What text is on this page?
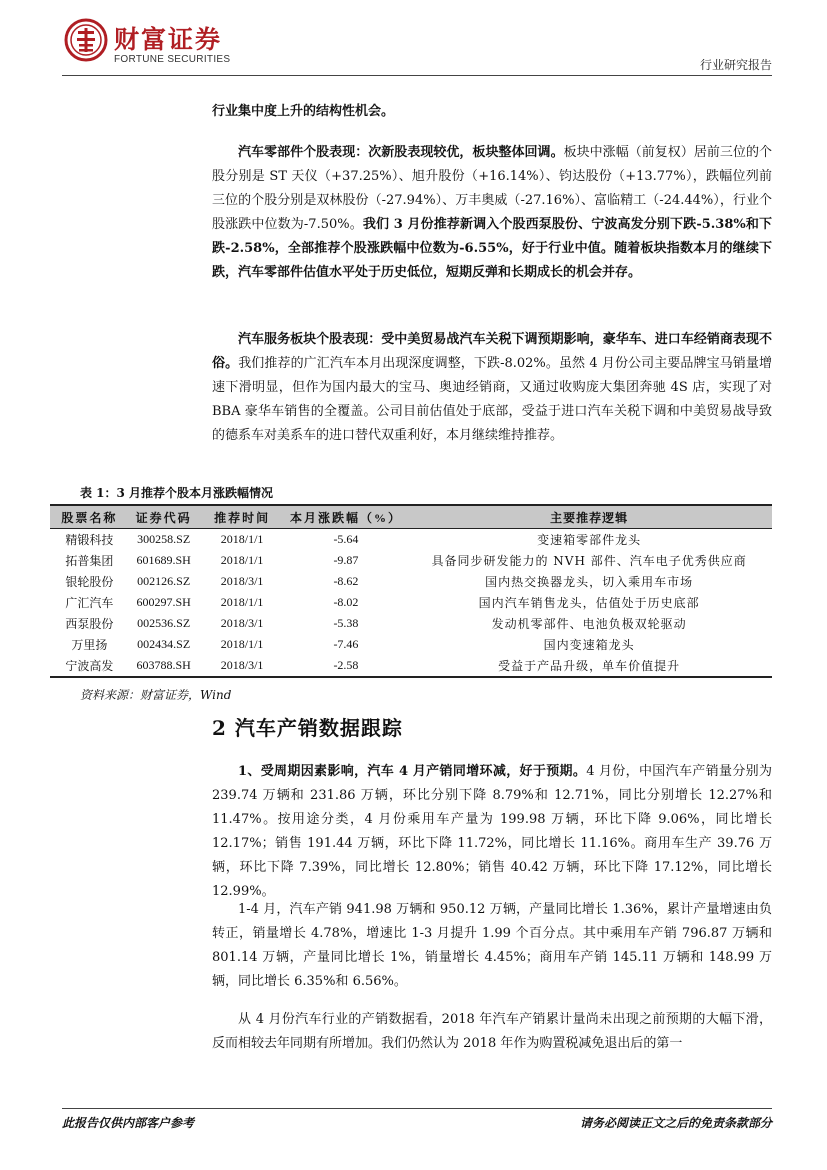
财富证券
FORTUNE SECURITIES	行业研究报告

行业集中度上升的结构性机会。

汽车零部件个股表现：次新股表现较优，板块整体回调。板块中涨幅（前复权）居前三位的个股分别是 ST 天仪（+37.25%）、旭升股份（+16.14%）、钧达股份（+13.77%），跌幅位列前三位的个股分别是双林股份（-27.94%）、万丰奥威（-27.16%）、富临精工（-24.44%），行业个股涨跌中位数为-7.50%。我们 3 月份推荐新调入个股西泵股份、宁波高发分别下跌-5.38%和下跌-2.58%，全部推荐个股涨跌幅中位数为-6.55%，好于行业中值。随着板块指数本月的继续下跌，汽车零部件估值水平处于历史低位，短期反弹和长期成长的机会并存。

汽车服务板块个股表现：受中美贸易战汽车关税下调预期影响，豪华车、进口车经销商表现不俗。我们推荐的广汇汽车本月出现深度调整，下跌-8.02%。虽然 4 月份公司主要品牌宝马销量增速下滑明显，但作为国内最大的宝马、奥迪经销商，又通过收购庞大集团奔驰 4S 店，实现了对 BBA 豪华车销售的全覆盖。公司目前估值处于底部，受益于进口汽车关税下调和中美贸易战导致的德系车对美系车的进口替代双重利好，本月继续维持推荐。

表 1：3 月推荐个股本月涨跌幅情况
股票名称	证券代码	推荐时间	本月涨跌幅（%）	主要推荐逻辑
精锻科技	300258.SZ	2018/1/1	-5.64	变速箱零部件龙头
拓普集团	601689.SH	2018/1/1	-9.87	具备同步研发能力的 NVH 部件、汽车电子优秀供应商
银轮股份	002126.SZ	2018/3/1	-8.62	国内热交换器龙头，切入乘用车市场
广汇汽车	600297.SH	2018/1/1	-8.02	国内汽车销售龙头，估值处于历史底部
西泵股份	002536.SZ	2018/3/1	-5.38	发动机零部件、电池负极双轮驱动
万里扬	002434.SZ	2018/1/1	-7.46	国内变速箱龙头
宁波高发	603788.SH	2018/3/1	-2.58	受益于产品升级，单车价值提升
资料来源：财富证券，Wind
2 汽车产销数据跟踪

1、受周期因素影响，汽车 4 月产销同增环减，好于预期。4 月份，中国汽车产销量分别为 239.74 万辆和 231.86 万辆，环比分别下降 8.79%和 12.71%，同比分别增长 12.27%和 11.47%。按用途分类，4 月份乘用车产量为 199.98 万辆，环比下降 9.06%，同比增长 12.17%；销售 191.44 万辆，环比下降 11.72%，同比增长 11.16%。商用车生产 39.76 万辆，环比下降 7.39%，同比增长 12.80%；销售 40.42 万辆，环比下降 17.12%，同比增长 12.99%。

1-4 月，汽车产销 941.98 万辆和 950.12 万辆，产量同比增长 1.36%，累计产量增速由负转正，销量增长 4.78%，增速比 1-3 月提升 1.99 个百分点。其中乘用车产销 796.87 万辆和 801.14 万辆，产量同比增长 1%，销量增长 4.45%；商用车产销 145.11 万辆和 148.99 万辆，同比增长 6.35%和 6.56%。

从 4 月份汽车行业的产销数据看，2018 年汽车产销累计量尚未出现之前预期的大幅下滑，反而相较去年同期有所增加。我们仍然认为 2018 年作为购置税减免退出后的第一

此报告仅供内部客户参考	请务必阅读正文之后的免责条款部分
